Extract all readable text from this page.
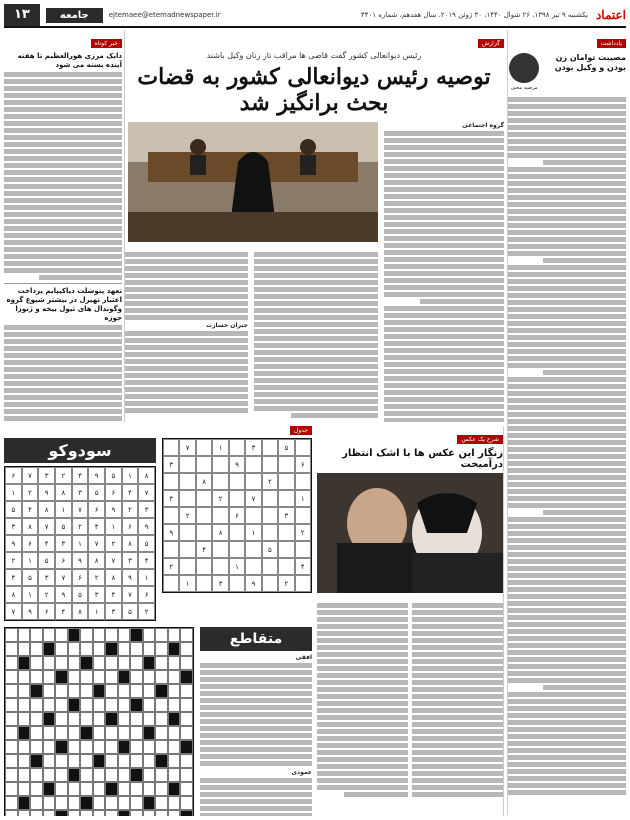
اعتماد
یکشنبه ۹ تیر ۱۳۹۸، ۲۶ شوال ۱۴۴۰، ۳۰ ژوئن ۲۰۱۹، سال هفدهم، شماره ۴۴۰۱
ejtemaee@etemadnewspaper.ir
جامعه
۱۳
یادداشت
مصیبت توامان زن بودن و وکیل بودن
مرضیه محبی
گزارش
رئیس دیوانعالی کشور گفت قاضی ها مراقب تاز زنان وکیل باشند
توصیه رئیس دیوانعالی کشور به قضات بحث برانگیز شد
گروه اجتماعی
جبران خسارت
خبر کوتاه
دایک مرزی هورالعظیم تا هفته آینده بسته می شود
تعهد پتوسلت دیاکیپایم پرداخت اعتبار تهیرل در بیشتر شیوع گروه وگوندال های تیول بیخه و ژنوزا حوزه
شرح یک عکس
زنگار این عکس ها با اشک انتظار درآمیخت
جدول
۵
۳
۱
۷
۶
۹
۳
۲
۸
۱
۷
۲
۴
۳
۶
۲
۲
۱
۸
۹
۵
۴
۴
۱
۲
۲
۹
۳
۱
سودوکو
۸
۱
۵
۹
۴
۲
۳
۷
۶
۷
۴
۶
۵
۳
۸
۹
۲
۱
۳
۲
۹
۶
۷
۱
۸
۴
۵
۹
۶
۱
۴
۲
۵
۷
۸
۳
۵
۸
۲
۷
۱
۳
۴
۶
۹
۴
۳
۷
۸
۹
۶
۵
۱
۲
۱
۹
۸
۲
۶
۷
۳
۵
۴
۶
۷
۴
۳
۵
۹
۲
۱
۸
۲
۵
۳
۱
۸
۴
۶
۹
۷
متقاطع
افقی
عمودی
